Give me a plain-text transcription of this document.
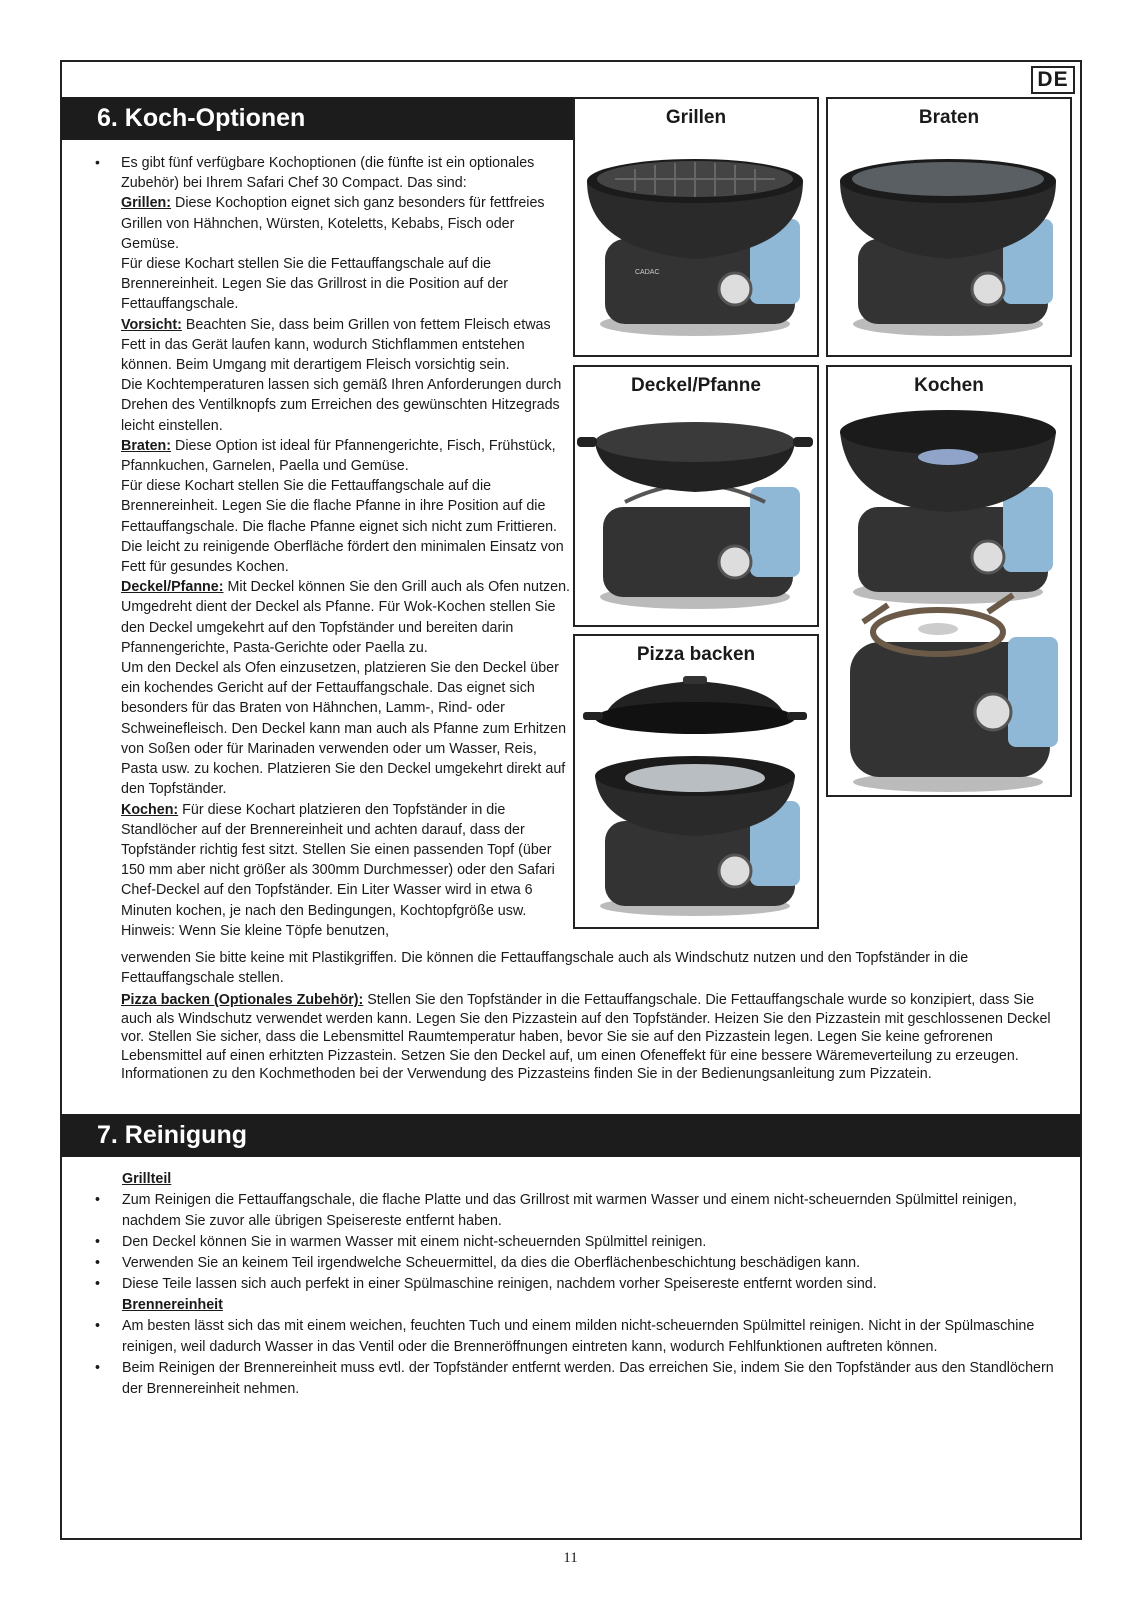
DE
6. Koch-Optionen
• Es gibt fünf verfügbare Kochoptionen (die fünfte ist ein optionales Zubehör) bei Ihrem Safari Chef 30 Compact. Das sind:

Grillen: Diese Kochoption eignet sich ganz besonders für fettfreies Grillen von Hähnchen, Würsten, Koteletts, Kebabs, Fisch oder Gemüse.

Für diese Kochart stellen Sie die Fettauffangschale auf die Brennereinheit. Legen Sie das Grillrost in die Position auf der Fettauffangschale.

Vorsicht: Beachten Sie, dass beim Grillen von fettem Fleisch etwas Fett in das Gerät laufen kann, wodurch Stichflammen entstehen können. Beim Umgang mit derartigem Fleisch vorsichtig sein.

Die Kochtemperaturen lassen sich gemäß Ihren Anforderungen durch Drehen des Ventilknopfs zum Erreichen des gewünschten Hitzegrads leicht einstellen.

Braten: Diese Option ist ideal für Pfannengerichte, Fisch, Frühstück, Pfannkuchen, Garnelen, Paella und Gemüse.

Für diese Kochart stellen Sie die Fettauffangschale auf die Brennereinheit. Legen Sie die flache Pfanne in ihre Position auf die Fettauffangschale. Die flache Pfanne eignet sich nicht zum Frittieren. Die leicht zu reinigende Oberfläche fördert den minimalen Einsatz von Fett für gesundes Kochen.

Deckel/Pfanne: Mit Deckel können Sie den Grill auch als Ofen nutzen. Umgedreht dient der Deckel als Pfanne. Für Wok-Kochen stellen Sie den Deckel umgekehrt auf den Topfständer und bereiten darin Pfannengerichte, Pasta-Gerichte oder Paella zu.

Um den Deckel als Ofen einzusetzen, platzieren Sie den Deckel über ein kochendes Gericht auf der Fettauffangschale. Das eignet sich besonders für das Braten von Hähnchen, Lamm-, Rind- oder Schweinefleisch. Den Deckel kann man auch als Pfanne zum Erhitzen von Soßen oder für Marinaden verwenden oder um Wasser, Reis, Pasta usw. zu kochen. Platzieren Sie den Deckel umgekehrt direkt auf den Topfständer.

Kochen: Für diese Kochart platzieren den Topfständer in die Standlöcher auf der Brennereinheit und achten darauf, dass der Topfständer richtig fest sitzt. Stellen Sie einen passenden Topf (über 150 mm aber nicht größer als 300mm Durchmesser) oder den Safari Chef-Deckel auf den Topfständer. Ein Liter Wasser wird in etwa 6 Minuten kochen, je nach den Bedingungen, Kochtopfgröße usw. Hinweis: Wenn Sie kleine Töpfe benutzen,

verwenden Sie bitte keine mit Plastikgriffen. Die können die Fettauffangschale auch als Windschutz nutzen und den Topfständer in die Fettauffangschale stellen.
Pizza backen (Optionales Zubehör): Stellen Sie den Topfständer in die Fettauffangschale. Die Fettauffangschale wurde so konzipiert, dass Sie auch als Windschutz verwendet werden kann. Legen Sie den Pizzastein auf den Topfständer. Heizen Sie den Pizzastein mit geschlossenen Deckel vor. Stellen Sie sicher, dass die Lebensmittel Raumtemperatur haben, bevor Sie sie auf den Pizzastein legen. Legen Sie keine gefrorenen Lebensmittel auf einen erhitzten Pizzastein. Setzen Sie den Deckel auf, um einen Ofeneffekt für eine bessere Wäremeverteilung zu erzeugen. Informationen zu den Kochmethoden bei der Verwendung des Pizzasteins finden Sie in der Bedienungsanleitung zum Pizzatein.
Grillen
CADAC
Braten
Deckel/Pfanne	Kochen
Pizza backen
7. Reinigung
Grillteil
• Zum Reinigen die Fettauffangschale, die flache Platte und das Grillrost mit warmen Wasser und einem nicht-scheuernden Spülmittel reinigen, nachdem Sie zuvor alle übrigen Speisereste entfernt haben.
• Den Deckel können Sie in warmen Wasser mit einem nicht-scheuernden Spülmittel reinigen.
• Verwenden Sie an keinem Teil irgendwelche Scheuermittel, da dies die Oberflächenbeschichtung beschädigen kann.
• Diese Teile lassen sich auch perfekt in einer Spülmaschine reinigen, nachdem vorher Speisereste entfernt worden sind.
Brennereinheit
• Am besten lässt sich das mit einem weichen, feuchten Tuch und einem milden nicht-scheuernden Spülmittel reinigen. Nicht in der Spülmaschine reinigen, weil dadurch Wasser in das Ventil oder die Brenneröffnungen eintreten kann, wodurch Fehlfunktionen auftreten können.
• Beim Reinigen der Brennereinheit muss evtl. der Topfständer entfernt werden. Das erreichen Sie, indem Sie den Topfständer aus den Standlöchern der Brennereinheit nehmen.
11
